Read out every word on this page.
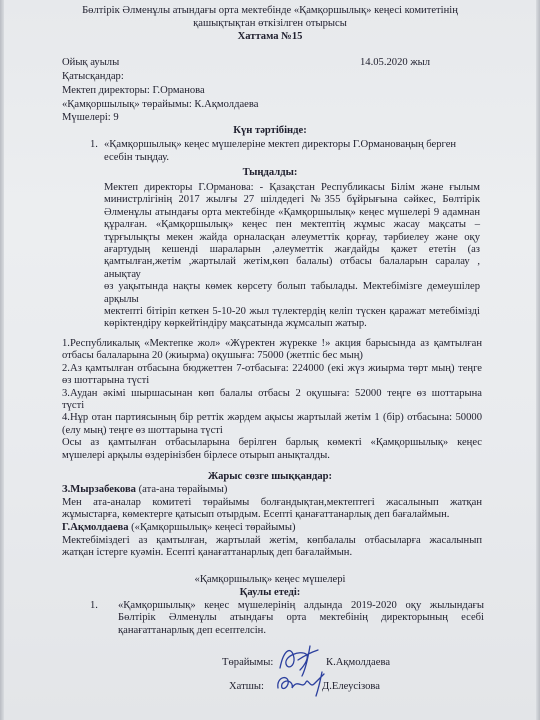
Бөлтірік Әлменұлы атындағы орта мектебінде «Қамқоршылық» кеңесі комитетінің

қашықтықтан өткізілген отырысы

Хаттама №15

Ойық ауылы	14.05.2020 жыл

Қатысқандар:

Мектеп директоры: Г.Орманова

«Қамқоршылық» төрайымы: К.Ақмолдаева

Мүшелері: 9

Күн тәртібінде:

1. «Қамқоршылық» кеңес мүшелеріне мектеп директоры Г.Ормановаңың берген

есебін тыңдау.

Тыңдалды:

Мектеп директоры Г.Орманова: - Қазақстан Республикасы Білім және ғылым
министрлігінің 2017 жылғы 27 шілдедегі №355 бұйрығына сәйкес, Бөлтірік
Әлменұлы атындағы орта мектебінде «Қамқоршылық» кеңес мүшелері 9 адамнан
құралған. «Қамқоршылық» кеңес пен мектептің жұмыс жасау мақсаты –
тұрғылықты мекен жайда орналасқан әлеуметтік қорғау, тәрбиелеу және оқу
ағартудың кешендi шараларын ,әлеуметтік жағдайды қажет ететін (аз
қамтылған,жетім ,жартылай жетім,көп балалы) отбасы балаларын саралау , анықтау
өз уақытында нақты көмек көрсету болып табылады. Мектебімізге демеушілер арқылы
мектепті бітіріп кеткен 5-10-20 жыл түлектердің келіп түскен қаражат метебімізді
көріктендіру көркейтіндіру мақсатында жұмсалып жатыр.
1.Республикалық «Мектепке жол» «Жүректен жүрекке !» акция барысында аз қамтылған
отбасы балаларына 20 (жиырма) оқушыға: 75000 (жетпіс бес мың)
2.Аз қамтылған отбасына бюджеттен 7-отбасыға: 224000 (екі жүз жиырма төрт мың) теңге
өз шоттарына түсті
3.Аудан әкімі шыршасынан көп балалы отбасы 2 оқушыға: 52000 теңге өз шоттарына
түсті
4.Нұр отан партиясының бір реттік жәрдем ақысы жартылай жетім 1 (бір) отбасына: 50000
(елу мың) теңге өз шоттарына түсті
Осы аз қамтылған отбасыларына берілген барлық көмекті «Қамқоршылық» кеңес
мүшелері арқылы өздерінізбен бірлесе отырып анықталды.

Жарыс сөзге шыққандар:

З.Мырзабекова (ата-ана төрайымы)

Мен ата-аналар комитеті төрайымы болғандықтан,мектептегі жасалынып жатқан
жұмыстарға, көмектерге қатысып отырдым. Есепті қанағаттанарлық деп бағалаймын.

Г.Ақмолдаева («Қамқоршылық» кеңесі төрайымы)

Мектебіміздегі аз қамтылған, жартылай жетім, көпбалалы отбасыларға жасалынып
жатқан істерге куәмін. Есепті қанағаттанарлық деп бағалаймын.

«Қамқоршылық» кеңес мүшелері

Қаулы етеді:

1. «Қамқоршылық» кеңес мүшелерінің алдында 2019-2020 оқу жылындағы
Бөлтірік Әлменұлы атындағы орта мектебінің директорының есебі
қанағаттанарлық деп есептелсін.

Төрайымы:	К.Ақмолдаева

Хатшы:	Д.Елеусізова
